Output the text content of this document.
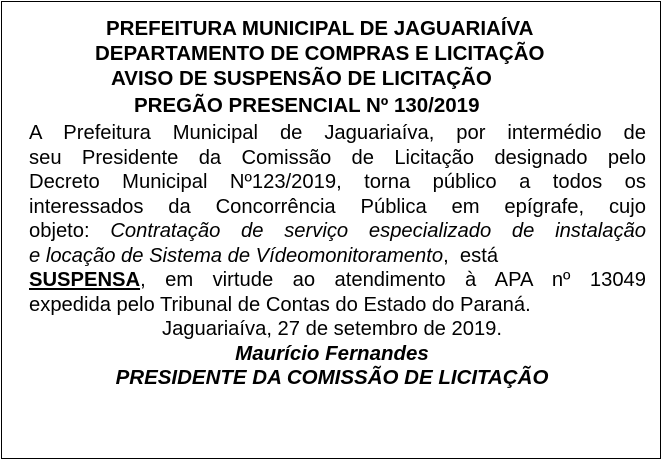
PREFEITURA MUNICIPAL DE JAGUARIAÍVA
DEPARTAMENTO DE COMPRAS E LICITAÇÃO
AVISO DE SUSPENSÃO DE LICITAÇÃO
PREGÃO PRESENCIAL Nº 130/2019
A Prefeitura Municipal de Jaguariaíva, por intermédio de
seu Presidente da Comissão de Licitação designado pelo
Decreto Municipal Nº123/2019, torna público a todos os
interessados da Concorrência Pública em epígrafe, cujo
objeto: Contratação de serviço especializado de instalação
e locação de Sistema de Vídeomonitoramento,  está
SUSPENSA, em virtude ao atendimento à APA nº 13049
expedida pelo Tribunal de Contas do Estado do Paraná.
Jaguariaíva, 27 de setembro de 2019.
Maurício Fernandes
PRESIDENTE DA COMISSÃO DE LICITAÇÃO
